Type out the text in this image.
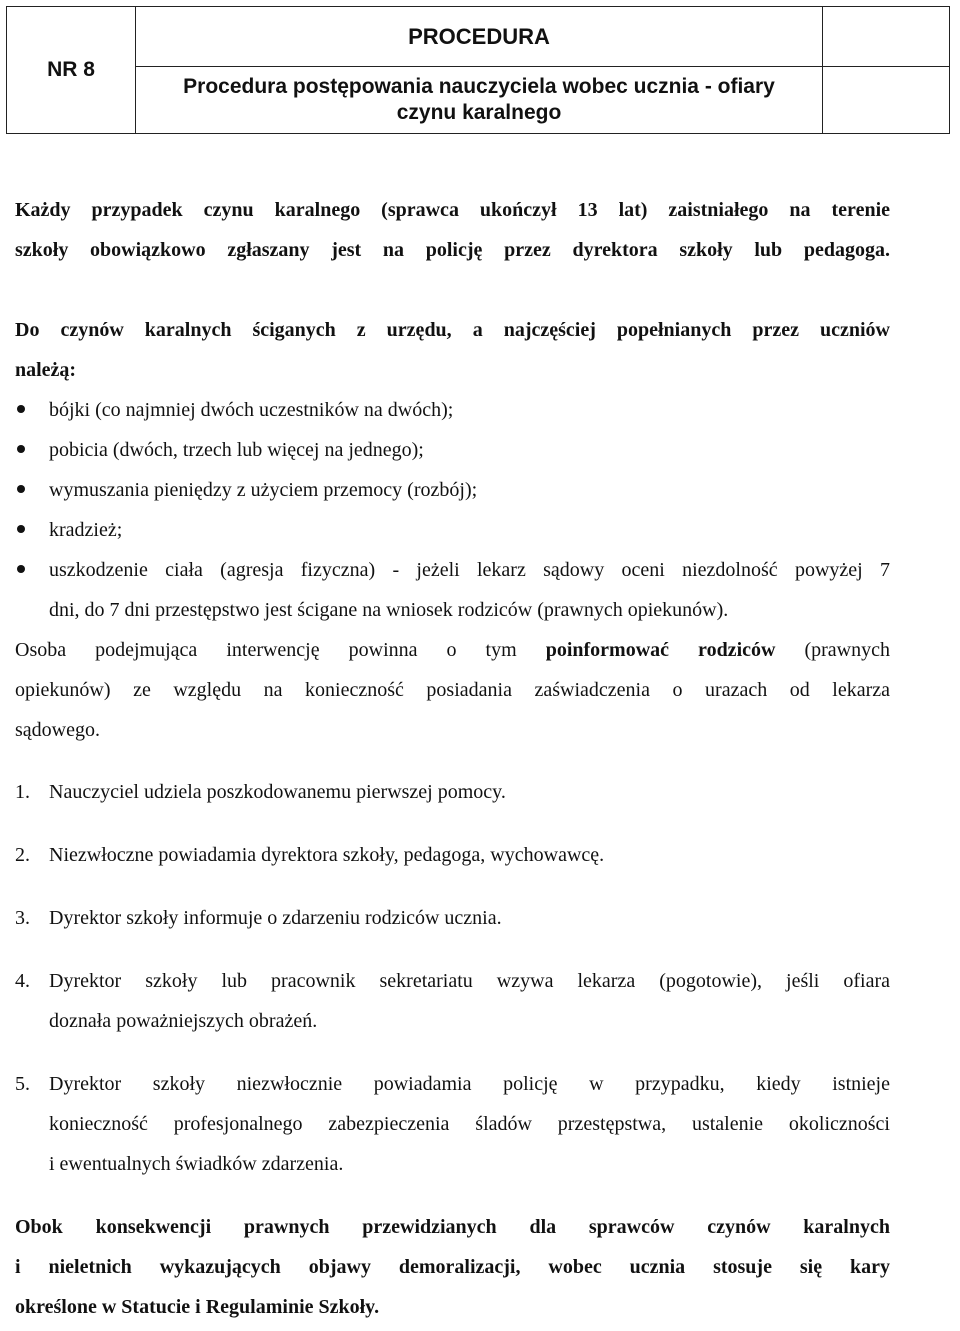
NR 8	PROCEDURA	

	Procedura postępowania nauczyciela wobec ucznia - ofiary
czynu karalnego	

Każdy przypadek czynu karalnego (sprawca ukończył 13 lat) zaistniałego na terenie
szkoły obowiązkowo zgłaszany jest na policję przez dyrektora szkoły lub pedagoga.
Do czynów karalnych ściganych z urzędu, a najczęściej popełnianych przez uczniów
należą:
bójki (co najmniej dwóch uczestników na dwóch);
pobicia (dwóch, trzech lub więcej na jednego);
wymuszania pieniędzy z użyciem przemocy (rozbój);
kradzież;
uszkodzenie ciała (agresja fizyczna) - jeżeli lekarz sądowy oceni niezdolność powyżej 7
dni, do 7 dni przestępstwo jest ścigane na wniosek rodziców (prawnych opiekunów).
Osoba podejmująca interwencję powinna o tym poinformować rodziców (prawnych
opiekunów) ze względu na konieczność posiadania zaświadczenia o urazach od lekarza
sądowego.
1. Nauczyciel udziela poszkodowanemu pierwszej pomocy.
2. Niezwłoczne powiadamia dyrektora szkoły, pedagoga, wychowawcę.
3. Dyrektor szkoły informuje o zdarzeniu rodziców ucznia.
4. Dyrektor szkoły lub pracownik sekretariatu wzywa lekarza (pogotowie), jeśli ofiara
doznała poważniejszych obrażeń.
5. Dyrektor szkoły niezwłocznie powiadamia policję w przypadku, kiedy istnieje
konieczność profesjonalnego zabezpieczenia śladów przestępstwa, ustalenie okoliczności
i ewentualnych świadków zdarzenia.
Obok konsekwencji prawnych przewidzianych dla sprawców czynów karalnych
i nieletnich wykazujących objawy demoralizacji, wobec ucznia stosuje się kary
określone w Statucie i Regulaminie Szkoły.
